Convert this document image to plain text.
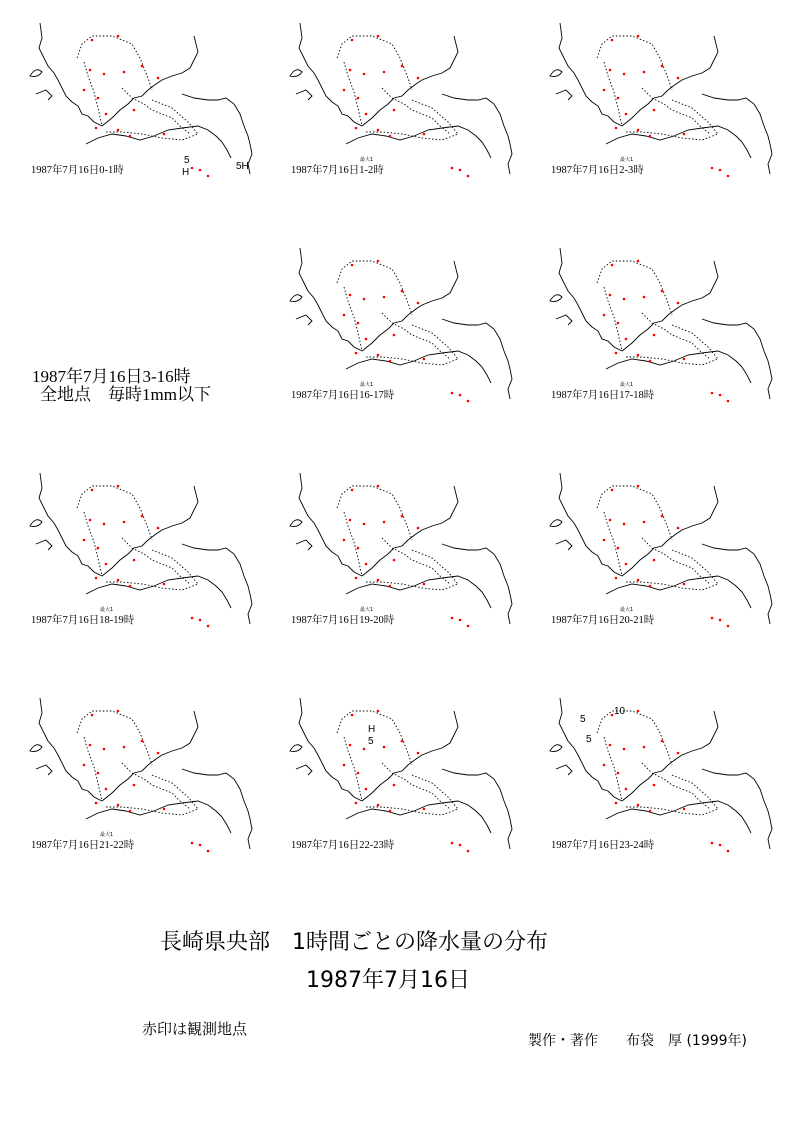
1987年7月16日0-1時
5
H
5H	1987年7月16日1-2時
最大1
1987年7月16日2-3時
最大1
1987年7月16日16-17時
最大1
1987年7月16日17-18時
最大1
1987年7月16日18-19時
最大1
1987年7月16日19-20時
最大1
1987年7月16日20-21時
最大1
1987年7月16日21-22時
最大1
1987年7月16日22-23時
H
5
1987年7月16日23-24時
5
10
5
1987年7月16日3-16時
全地点　毎時1mm以下
長崎県央部　1時間ごとの降水量の分布
1987年7月16日
赤印は観測地点
製作・著作　　布袋　厚 (1999年)
